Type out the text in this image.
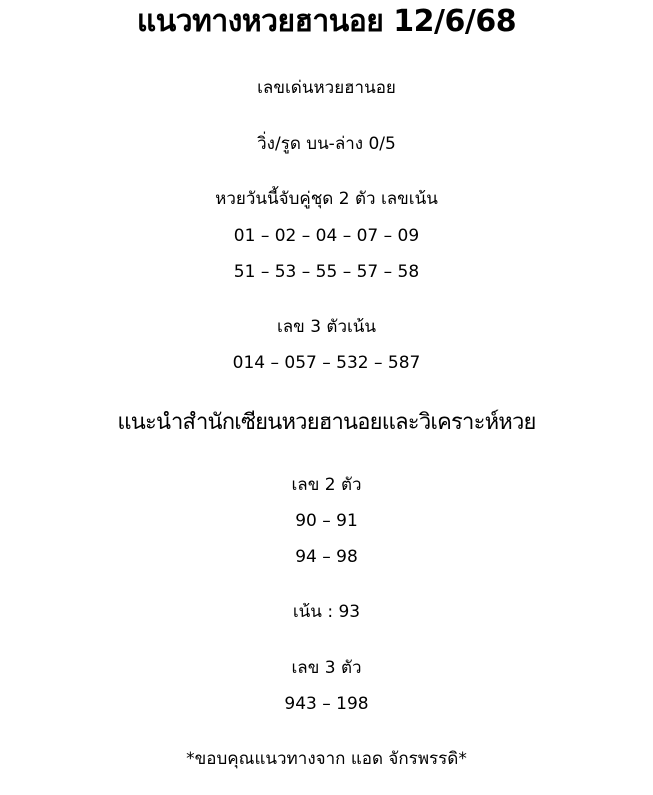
แนวทางหวยฮานอย 12/6/68
เลขเด่นหวยฮานอย
วิ่ง/รูด บน-ล่าง 0/5
หวยวันนี้จับคู่ชุด 2 ตัว เลขเน้น
01 – 02 – 04 – 07 – 09
51 – 53 – 55 – 57 – 58
เลข 3 ตัวเน้น
014 – 057 – 532 – 587
แนะนำสำนักเซียนหวยฮานอยและวิเคราะห์หวย
เลข 2 ตัว
90 – 91
94 – 98
เน้น : 93
เลข 3 ตัว
943 – 198
*ขอบคุณแนวทางจาก แอด จักรพรรดิ*
